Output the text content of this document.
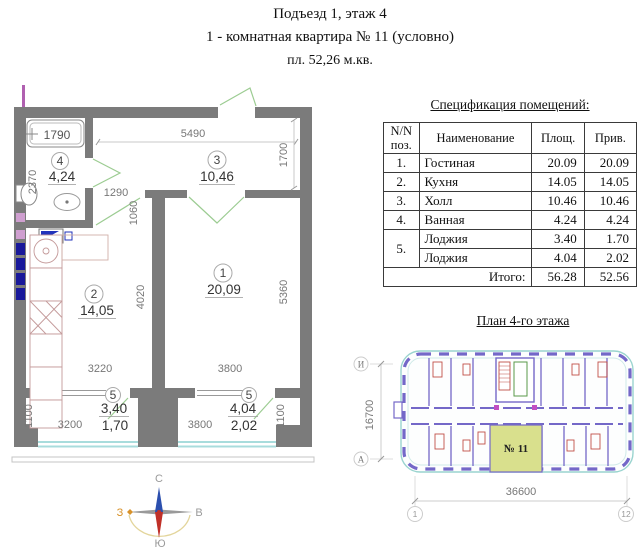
Подъезд 1, этаж 4
1 - комнатная квартира № 11 (условно)
пл. 52,26 м.кв.
1790
2370
5490
1700
1290
1060
4020
3220	3800
5360
3200
1100	3800	1100
4
4,24
3
10,46
1
20,09
2
14,05
5
3,40
1,70
5
4,04
2,02
Спецификация помещений:
N/N поз.	Наименование	Площ.	Прив.
1.	Гостиная	20.09	20.09
2.	Кухня	14.05	14.05
3.	Холл	10.46	10.46
4.	Ванная	4.24	4.24
5.	Лоджия	3.40	1.70
	Лоджия	4.04	2.02
Итого:		56.28	52.56
План 4-го этажа
№ 11
И
А
16700
36600
1	12
С
Ю
З	В
